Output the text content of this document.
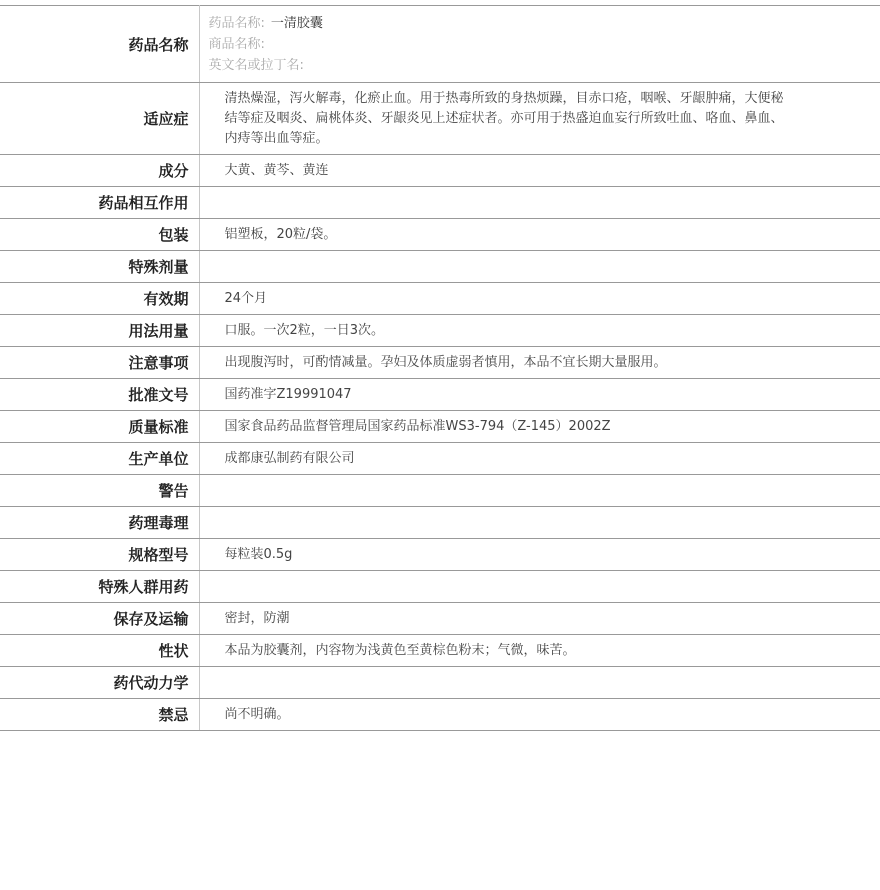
药品名称	药品名称: 一清胶囊
商品名称:
英文名或拉丁名:

适应症	清热燥湿，泻火解毒，化瘀止血。用于热毒所致的身热烦躁，目赤口疮，咽喉、牙龈肿痛，大便秘结等症及咽炎、扁桃体炎、牙龈炎见上述症状者。亦可用于热盛迫血妄行所致吐血、咯血、鼻血、内痔等出血等症。
成分	大黄、黄芩、黄连
药品相互作用	
包装	铝塑板，20粒/袋。
特殊剂量	
有效期	24个月
用法用量	口服。一次2粒，一日3次。
注意事项	出现腹泻时，可酌情减量。孕妇及体质虚弱者慎用，本品不宜长期大量服用。
批准文号	国药准字Z19991047
质量标准	国家食品药品监督管理局国家药品标准WS3-794（Z-145）2002Z
生产单位	成都康弘制药有限公司
警告	
药理毒理	
规格型号	每粒装0.5g
特殊人群用药	
保存及运输	密封，防潮
性状	本品为胶囊剂，内容物为浅黄色至黄棕色粉末；气微，味苦。
药代动力学	
禁忌	尚不明确。
